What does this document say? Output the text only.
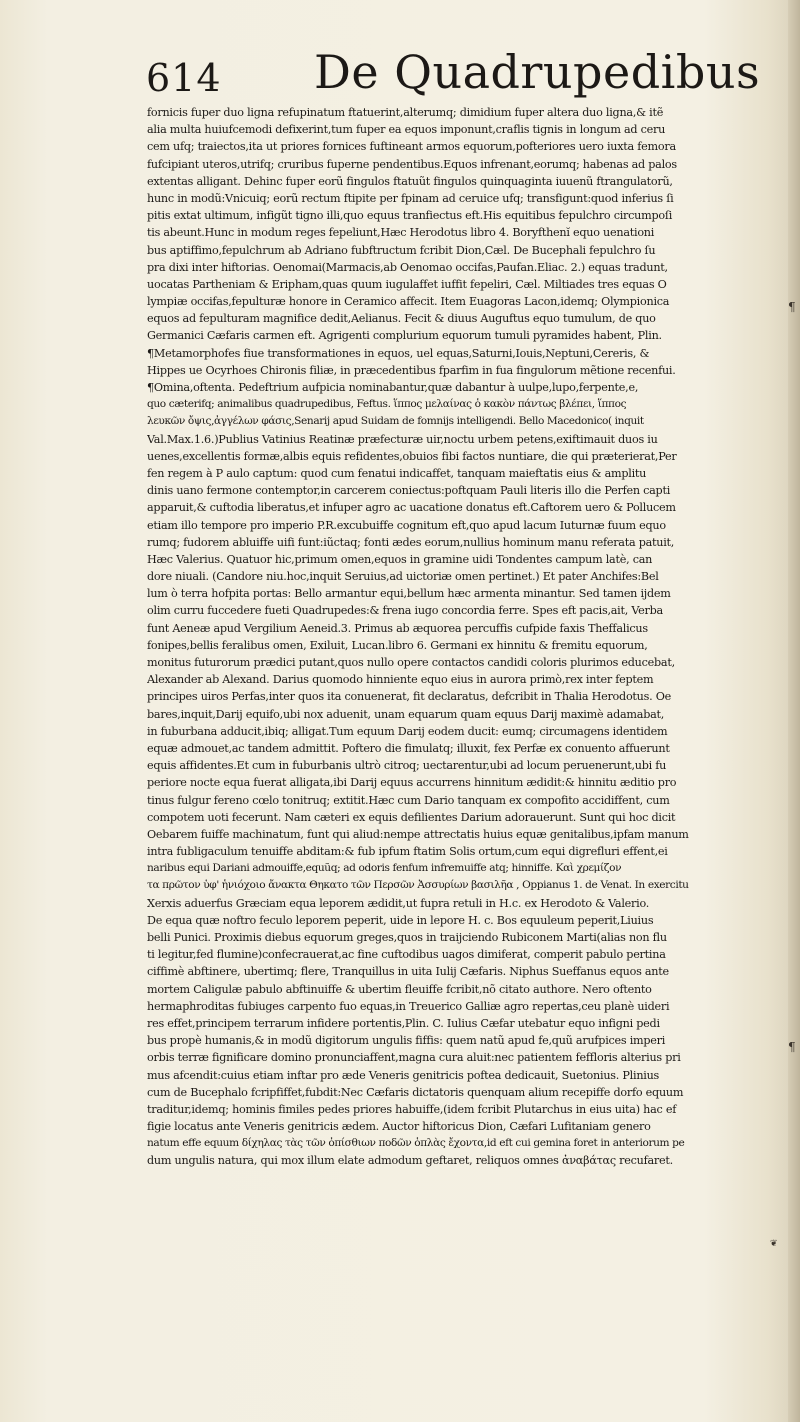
614 De Quadrupedibus
¶
¶
fornicis fuper duo ligna refupinatum ftatuerint,alterumq; dimidium fuper altera duo ligna,& itẽ
alia multa huiufcemodi defixerint,tum fuper ea equos imponunt,craflis tignis in longum ad ceru
cem ufq; traiectos,ita ut priores fornices fuftineant armos equorum,pofteriores uero iuxta femora
fufcipiant uteros,utrifq; cruribus fuperne pendentibus.Equos infrenant,eorumq; habenas ad palos
extentas alligant. Dehinc fuper eorũ fingulos ftatuũt fingulos quinquaginta iuuenũ ftrangulatorũ,
hunc in modũ:Vnicuiq; eorũ rectum ftipite per fpinam ad ceruice ufq; transfigunt:quod inferius ſi
pitis extat ultimum, infigũt tigno illi,quo equus tranfiectus eft.His equitibus fepulchro circumpoſi
tis abeunt.Hunc in modum reges fepeliunt,Hæc Herodotus libro 4. Boryfthenĭ equo uenationi
bus aptiffimo,fepulchrum ab Adriano fubftructum fcribit Dion,Cæl. De Bucephali fepulchro ſu
pra dixi inter hiftorias. Oenomai(Marmacis,ab Oenomao occifas,Paufan.Eliac. 2.) equas tradunt,
uocatas Partheniam & Eripham,quas quum iugulaffet iuffit fepeliri, Cæl. Miltiades tres equas O
lympiæ occifas,fepulturæ honore in Ceramico affecit. Item Euagoras Lacon,idemq; Olympionica
equos ad fepulturam magnifice dedit,Aelianus. Fecit & diuus Auguftus equo tumulum, de quo
Germanici Cæfaris carmen eft. Agrigenti complurium equorum tumuli pyramides habent, Plin.
¶Metamorphofes fiue transformationes in equos, uel equas,Saturni,Iouis,Neptuni,Cereris, &
Hippes ue Ocyrhoes Chironis filiæ, in præcedentibus fparfim in fua fingulorum mẽtione recenfui.
¶Omina,oftenta. Pedeftrium aufpicia nominabantur,quæ dabantur à uulpe,lupo,ferpente,e,
quo cæterifq; animalibus quadrupedibus, Feftus. ἵππος μελαίνας ὁ κακὸν πάντως βλέπει, ἵππος
λευκῶν ὄψις,ἀγγέλων φάσις,Senarij apud Suidam de fomnijs intelligendi. Bello Macedonico( inquit
Val.Max.1.6.)Publius Vatinius Reatinæ præfecturæ uir,noctu urbem petens,exiftimauit duos iu
uenes,excellentis formæ,albis equis refidentes,obuios fibi factos nuntiare, die qui præterierat,Per
fen regem à P aulo captum: quod cum fenatui indicaffet, tanquam maieftatis eius & amplitu
dinis uano fermone contemptor,in carcerem coniectus:poftquam Pauli literis illo die Perfen capti
apparuit,& cuftodia liberatus,et infuper agro ac uacatione donatus eft.Caftorem uero & Pollucem
etiam illo tempore pro imperio P.R.excubuiffe cognitum eft,quo apud lacum Iuturnæ fuum equo
rumq; fudorem abluiffe uifi funt:iũctaq; fonti ædes eorum,nullius hominum manu referata patuit,
Hæc Valerius. Quatuor hic,primum omen,equos in gramine uidi Tondentes campum latè, can
dore niuali. (Candore niu.hoc,inquit Seruius,ad uictoriæ omen pertinet.) Et pater Anchifes:Bel
lum ò terra hofpita portas: Bello armantur equi,bellum hæc armenta minantur. Sed tamen ijdem
olim curru fuccedere fueti Quadrupedes:& frena iugo concordia ferre. Spes eft pacis,ait, Verba
funt Aeneæ apud Vergilium Aeneid.3. Primus ab æquorea percuffis cufpide faxis Theffalicus
fonipes,bellis feralibus omen, Exiluit, Lucan.libro 6. Germani ex hinnitu & fremitu equorum,
monitus futurorum prædici putant,quos nullo opere contactos candidi coloris plurimos educebat,
Alexander ab Alexand. Darius quomodo hinniente equo eius in aurora primò,rex inter feptem
principes uiros Perfas,inter quos ita conuenerat, fit declaratus, defcribit in Thalia Herodotus. Oe
bares,inquit,Darij equifo,ubi nox aduenit, unam equarum quam equus Darij maximè adamabat,
in fuburbana adducit,ibiq; alligat.Tum equum Darij eodem ducit: eumq; circumagens identidem
equæ admouet,ac tandem admittit. Poftero die fimulatq; illuxit, fex Perfæ ex conuento affuerunt
equis affidentes.Et cum in fuburbanis ultrò citroq; uectarentur,ubi ad locum peruenerunt,ubi fu
periore nocte equa fuerat alligata,ibi Darij equus accurrens hinnitum ædidit:& hinnitu æditio pro
tinus fulgur fereno cœlo tonitruq; extitit.Hæc cum Dario tanquam ex compofito accidiffent, cum
compotem uoti fecerunt. Nam cæteri ex equis defilientes Darium adorauerunt. Sunt qui hoc dicit
Oebarem fuiffe machinatum, funt qui aliud:nempe attrectatis huius equæ genitalibus,ipfam manum
intra fubligaculum tenuiffe abditam:& fub ipfum ftatim Solis ortum,cum equi digrefluri effent,ei
naribus equi Dariani admouiffe,equũq; ad odoris fenfum infremuiffe atq; hinniffe. Καὶ χρεμίζον
τα πρῶτον ὑφ' ἡνιόχοιο ἄνακτα Θηκατο τῶν Περσῶν Ἀσσυρίων βασιλῆα , Oppianus 1. de Venat. In exercitu
Xerxis aduerfus Græciam equa leporem ædidit,ut fupra retuli in H.c. ex Herodoto & Valerio.
De equa quæ noftro feculo leporem peperit, uide in lepore H. c. Bos equuleum peperit,Liuius
belli Punici. Proximis diebus equorum greges,quos in traijciendo Rubiconem Marti(alias non flu
ti legitur,fed flumine)confecrauerat,ac fine cuftodibus uagos dimiferat, comperit pabulo pertina
ciffimè abftinere, ubertimq; flere, Tranquillus in uita Iulij Cæfaris. Niphus Sueffanus equos ante
mortem Caligulæ pabulo abftinuiffe & ubertim fleuiffe fcribit,nõ citato authore. Nero oftento
hermaphroditas fubiuges carpento fuo equas,in Treuerico Galliæ agro repertas,ceu planè uideri
res effet,principem terrarum infidere portentis,Plin. C. Iulius Cæfar utebatur equo infigni pedi
bus propè humanis,& in modũ digitorum ungulis fiffis: quem natũ apud fe,quũ arufpices imperi
orbis terræ fignificare domino pronunciaffent,magna cura aluit:nec patientem feffloris alterius pri
mus afcendit:cuius etiam inftar pro æde Veneris genitricis poftea dedicauit, Suetonius. Plinius
cum de Bucephalo fcripfiffet,fubdit:Nec Cæfaris dictatoris quenquam alium recepiffe dorfo equum
traditur,idemq; hominis fimiles pedes priores habuiffe,(idem fcribit Plutarchus in eius uita) hac ef
figie locatus ante Veneris genitricis ædem. Auctor hiftoricus Dion, Cæfari Lufitaniam genero
natum effe equum δίχηλας τὰς τῶν ὀπίσθιων ποδῶν ὁπλὰς ἔχοντα,id eft cui gemina foret in anteriorum pe
dum ungulis natura, qui mox illum elate admodum geftaret, reliquos omnes ἀναβάτας recufaret.
❦
